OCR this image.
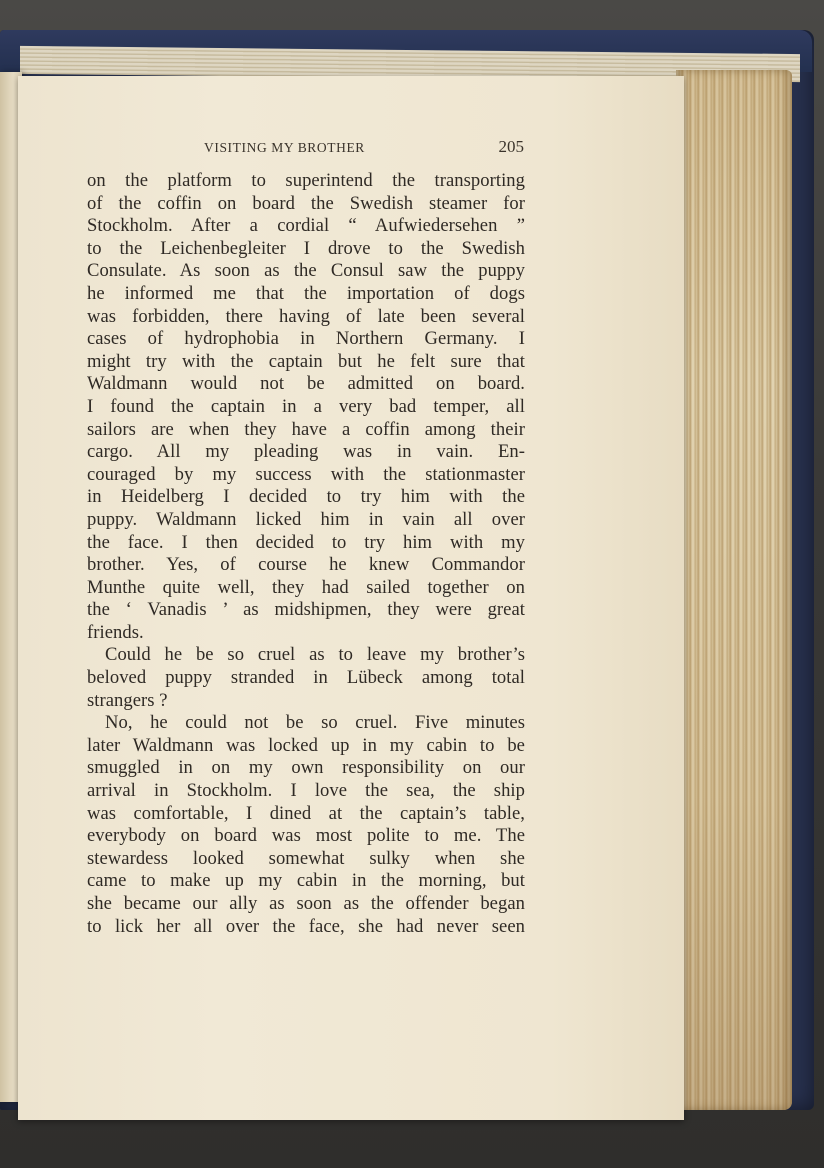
VISITING MY BROTHER	205
on the platform to superintend the transporting
of the coffin on board the Swedish steamer for
Stockholm. After a cordial “ Aufwiedersehen ”
to the Leichenbegleiter I drove to the Swedish
Consulate. As soon as the Consul saw the puppy
he informed me that the importation of dogs
was forbidden, there having of late been several
cases of hydrophobia in Northern Germany. I
might try with the captain but he felt sure that
Waldmann would not be admitted on board.
I found the captain in a very bad temper, all
sailors are when they have a coffin among their
cargo. All my pleading was in vain. En-
couraged by my success with the stationmaster
in Heidelberg I decided to try him with the
puppy. Waldmann licked him in vain all over
the face. I then decided to try him with my
brother. Yes, of course he knew Commandor
Munthe quite well, they had sailed together on
the ‘ Vanadis ’ as midshipmen, they were great
friends.
Could he be so cruel as to leave my brother’s
beloved puppy stranded in Lübeck among total
strangers ?
No, he could not be so cruel. Five minutes
later Waldmann was locked up in my cabin to be
smuggled in on my own responsibility on our
arrival in Stockholm. I love the sea, the ship
was comfortable, I dined at the captain’s table,
everybody on board was most polite to me. The
stewardess looked somewhat sulky when she
came to make up my cabin in the morning, but
she became our ally as soon as the offender began
to lick her all over the face, she had never seen
